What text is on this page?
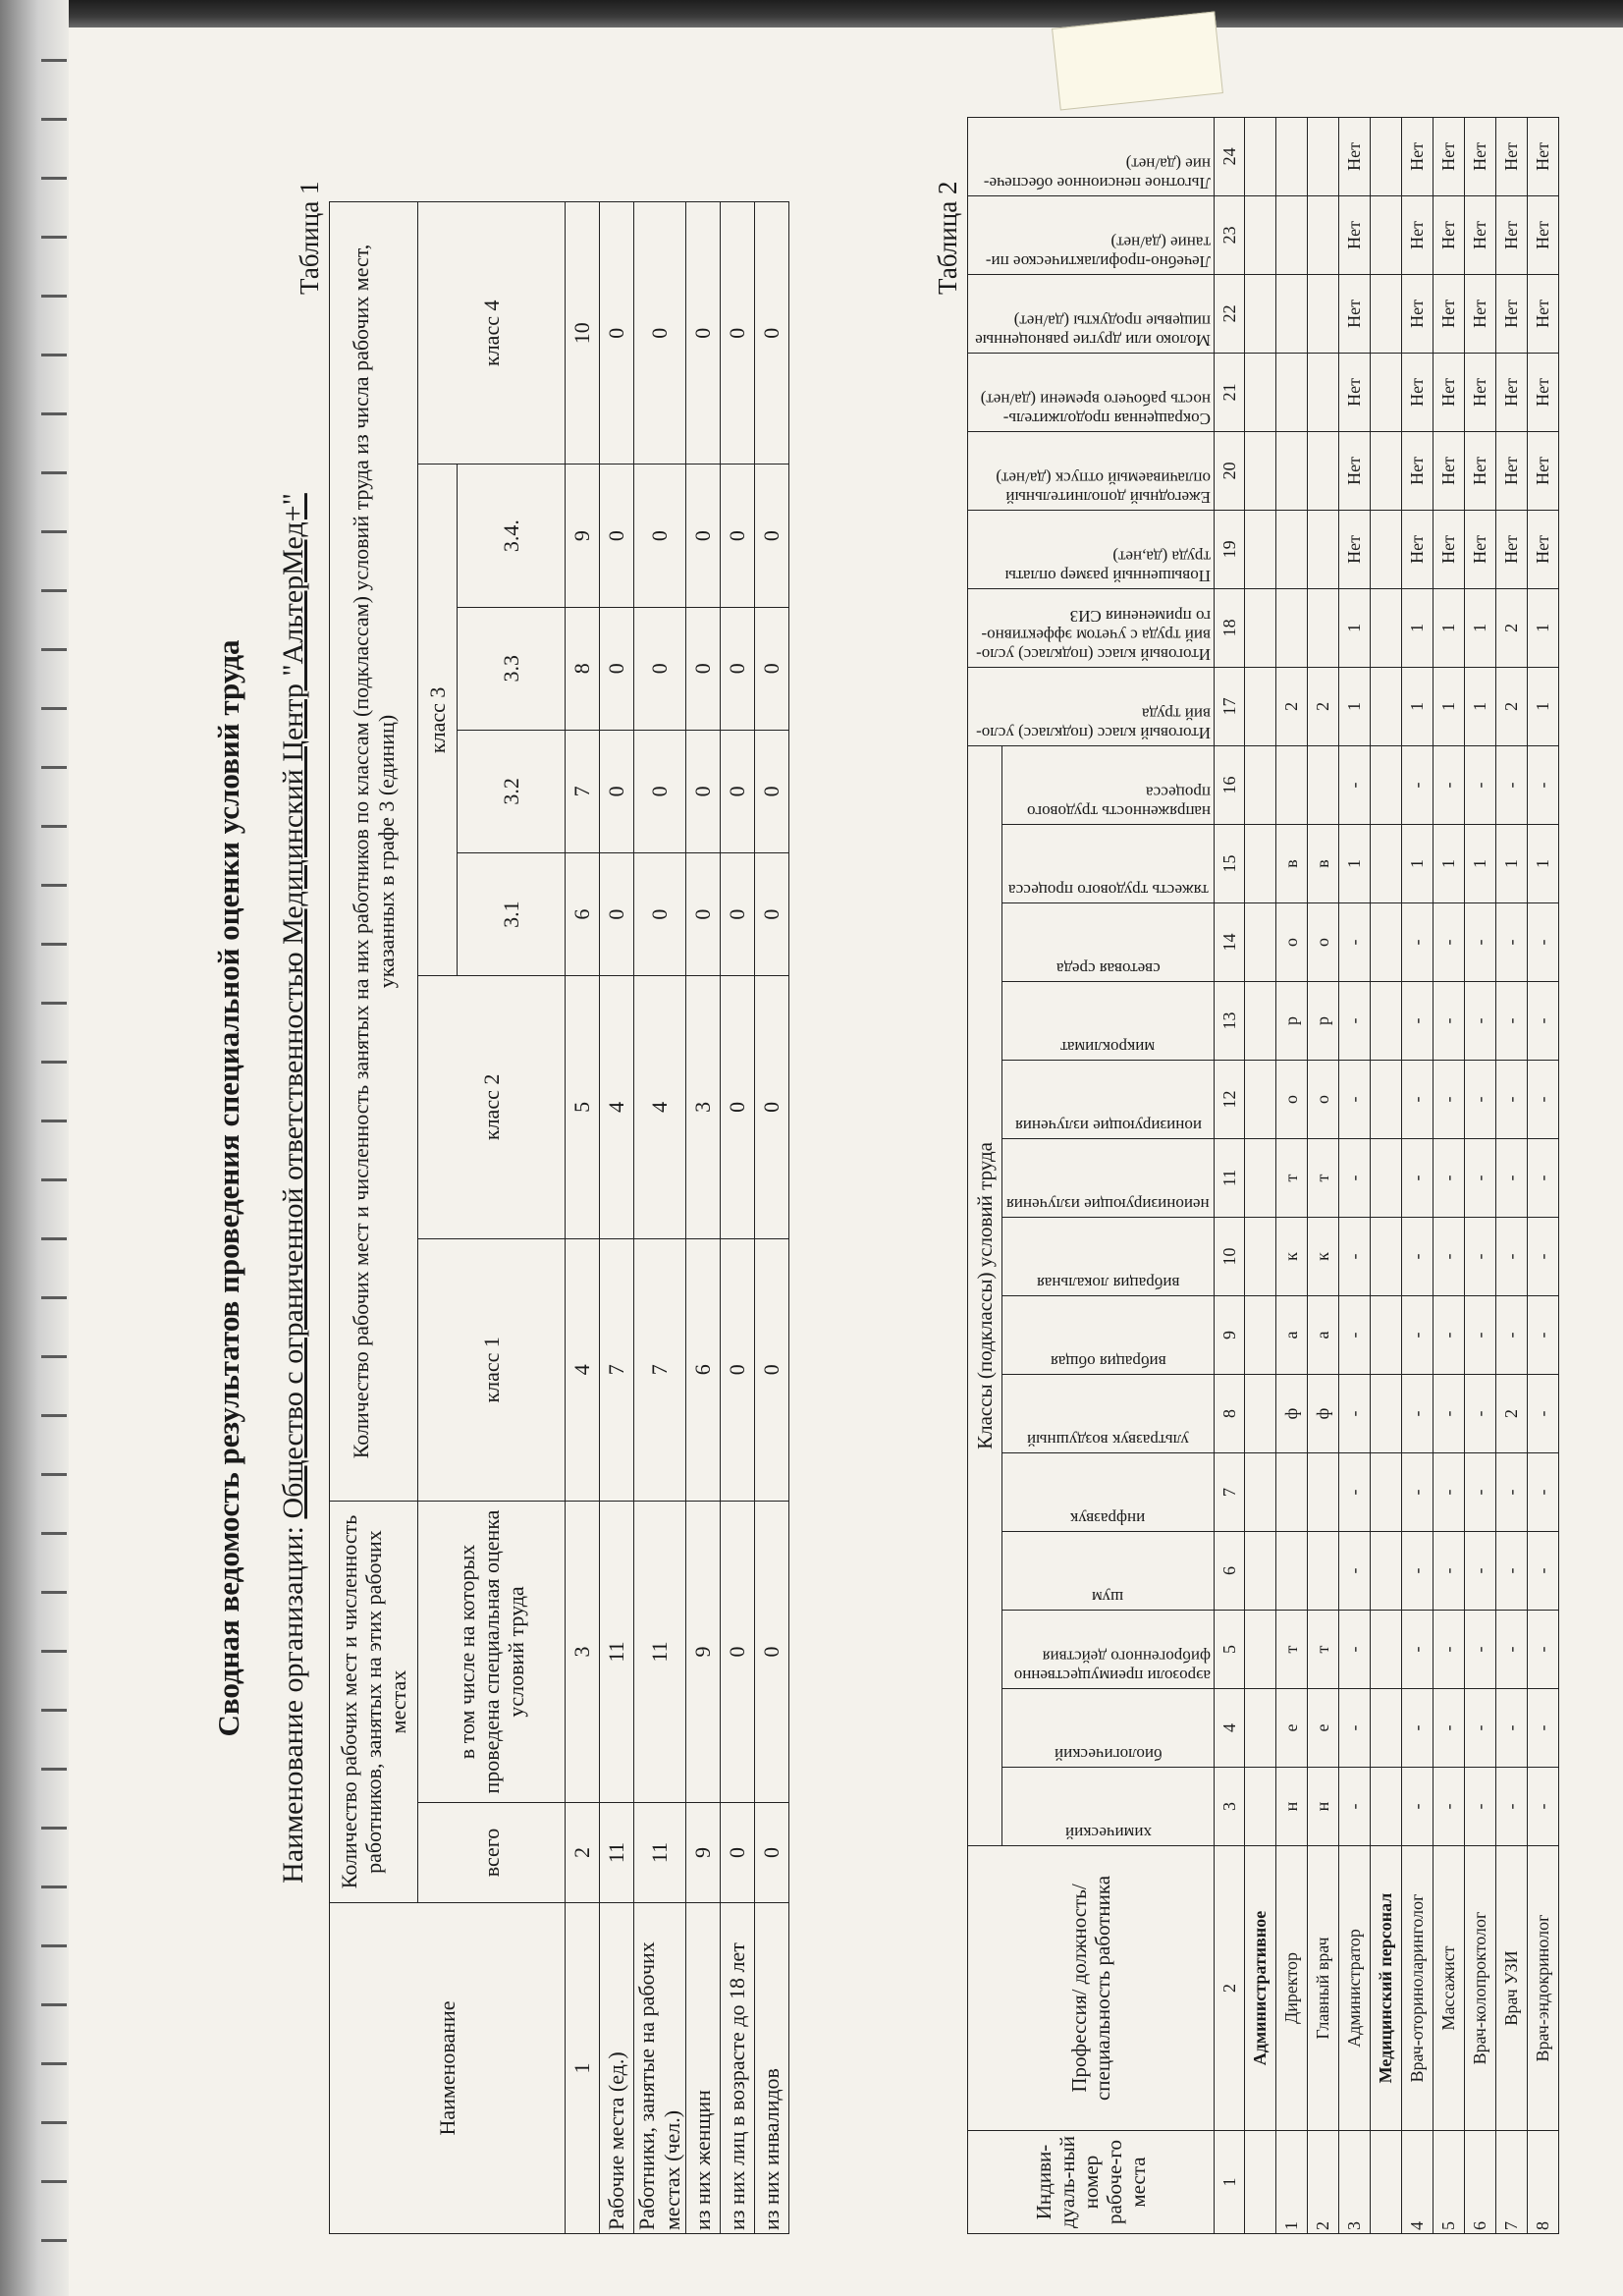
Сводная ведомость результатов проведения специальной оценки условий труда Наименование организации: Общество с ограниченной ответственностью Медицинский Центр "АльтерМед+"
Таблица 1
Наименование	Количество рабочих мест и численность работников, занятых на этих рабочих местах		Количество рабочих мест и численность занятых на них работников по классам (подклассам) условий труда из числа рабочих мест, указанных в графе 3 (единиц)						
	всего	в том числе на которых проведена специальная оценка условий труда	класс 1	класс 2	класс 3				класс 4
					3.1	3.2	3.3	3.4.	
1	2	3	4	5	6	7	8	9	10
Рабочие места (ед.)	11	11	7	4	0	0	0	0	0
Работники, занятые на рабочих местах (чел.)	11	11	7	4	0	0	0	0	0
из них женщин	9	9	6	3	0	0	0	0	0
из них лиц в возрасте до 18 лет	0	0	0	0	0	0	0	0	0
из них инвалидов	0	0	0	0	0	0	0	0	0
Таблица 2
Индиви-дуаль-ный номер рабоче-го места	Профессия/ должность/ специальность работника	Классы (подклассы) условий труда														Итоговый класс (подкласс) усло-вий труда	Итоговый класс (подкласс) усло-вий труда с учетом эффективно-го применения СИЗ	Повышенный размер оплаты труда (да,нет)	Ежегодный дополнительный оплачиваемый отпуск (да/нет)	Сокращенная продолжитель-ность рабочего времени (да/нет)	Молоко или другие равноценные пищевые продукты (да/нет)	Лечебно-профилактическое пи-тание (да/нет)	Льготное пенсионное обеспече-ние (да/нет)

		химический	биологический	аэрозоли преимущественно фиброгенного действия	шум	инфразвук	ультразвук воздушный	вибрация общая	вибрация локальная	неионизирующие излучения	ионизирующие излучения	микроклимат	световая среда	тяжесть трудового процесса	напряженность трудового процесса								

1	2	3	4	5	6	7	8	9	10	11	12	13	14	15	16	17	18	19	20	21	22	23	24
	Административное																						
1	Директор	н	е	т			ф	а	к	т	о	р	о	в		2							
2	Главный врач	н	е	т			ф	а	к	т	о	р	о	в		2							
3	Администратор	-	-	-	-	-	-	-	-	-	-	-	-	1	-	1	1	Нет	Нет	Нет	Нет	Нет	Нет
	Медицинский персонал																						
4	Врач-оториноларинголог	-	-	-	-	-	-	-	-	-	-	-	-	1	-	1	1	Нет	Нет	Нет	Нет	Нет	Нет
5	Массажист	-	-	-	-	-	-	-	-	-	-	-	-	1	-	1	1	Нет	Нет	Нет	Нет	Нет	Нет
6	Врач-колопроктолог	-	-	-	-	-	-	-	-	-	-	-	-	1	-	1	1	Нет	Нет	Нет	Нет	Нет	Нет
7	Врач УЗИ	-	-	-	-	-	2	-	-	-	-	-	-	1	-	2	2	Нет	Нет	Нет	Нет	Нет	Нет
8	Врач-эндокринолог	-	-	-	-	-	-	-	-	-	-	-	-	1	-	1	1	Нет	Нет	Нет	Нет	Нет	Нет
